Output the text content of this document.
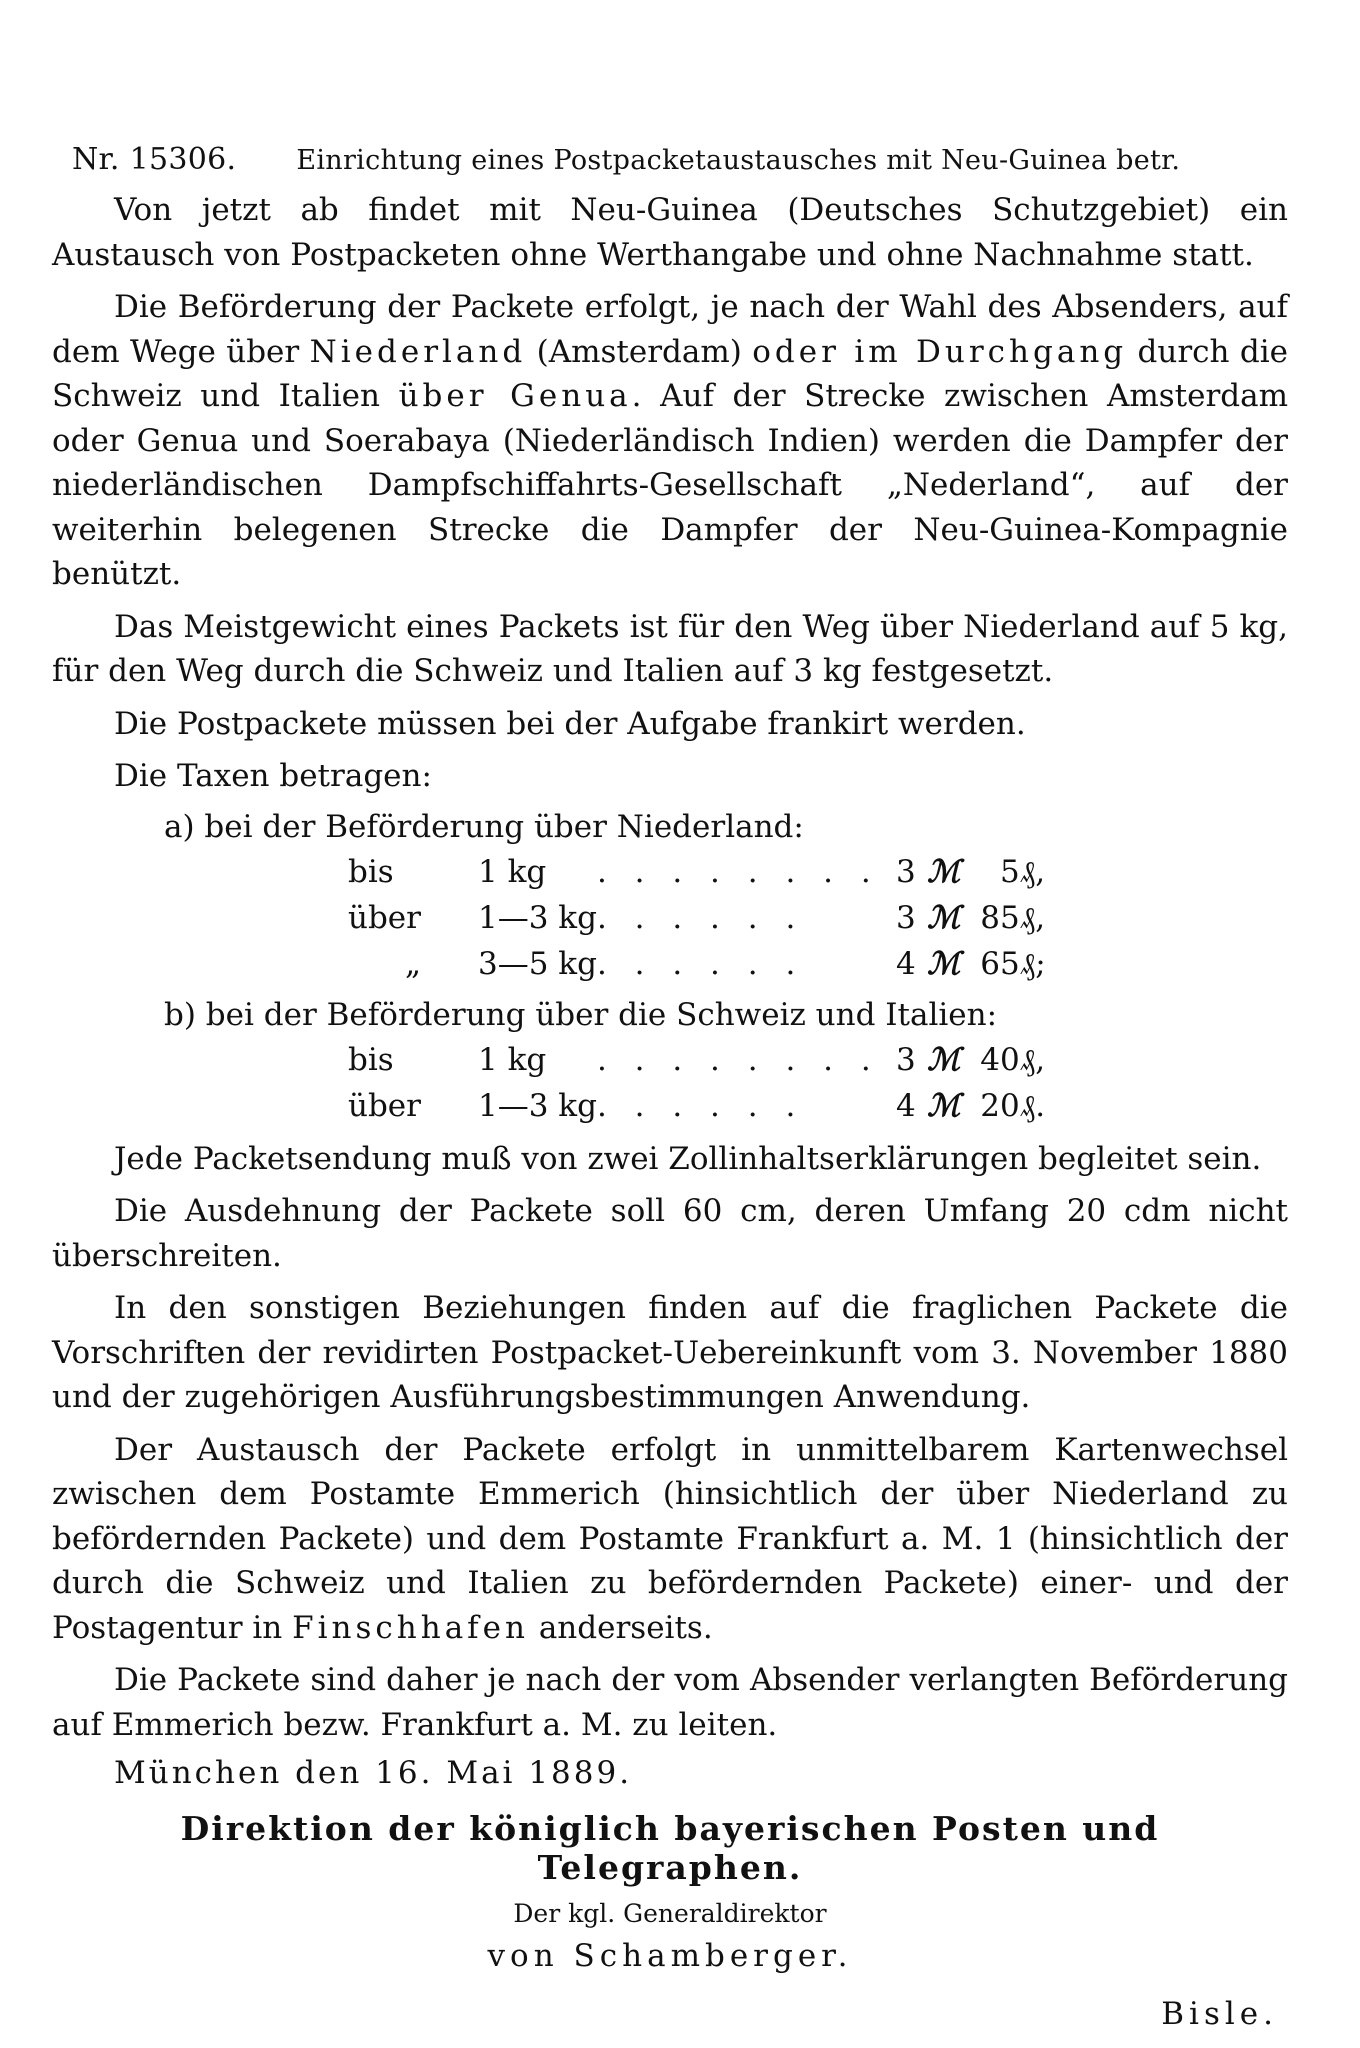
Nr. 15306. Einrichtung eines Postpacketaustausches mit Neu-Guinea betr.

Von jetzt ab findet mit Neu-Guinea (Deutsches Schutzgebiet) ein Austausch von Postpacketen ohne Werthangabe und ohne Nachnahme statt.

Die Beförderung der Packete erfolgt, je nach der Wahl des Absenders, auf dem Wege über Niederland (Amsterdam) oder im Durchgang durch die Schweiz und Italien über Genua. Auf der Strecke zwischen Amsterdam oder Genua und Soerabaya (Niederländisch Indien) werden die Dampfer der niederländischen Dampfschiffahrts-Gesellschaft „Nederland“, auf der weiterhin belegenen Strecke die Dampfer der Neu-Guinea-Kompagnie benützt.

Das Meistgewicht eines Packets ist für den Weg über Niederland auf 5 kg, für den Weg durch die Schweiz und Italien auf 3 kg festgesetzt.

Die Postpackete müssen bei der Aufgabe frankirt werden.

Die Taxen betragen:

a) bei der Beförderung über Niederland:
bis	1 kg	. . . . . . . .	3	ℳ	5	₰,
über	1—3 kg	. . . . . .	3	ℳ	85	₰,
„	3—5 kg	. . . . . .	4	ℳ	65	₰;
b) bei der Beförderung über die Schweiz und Italien:
bis	1 kg	. . . . . . . .	3	ℳ	40	₰,
über	1—3 kg	. . . . . .	4	ℳ	20	₰.

Jede Packetsendung muß von zwei Zollinhaltserklärungen begleitet sein.

Die Ausdehnung der Packete soll 60 cm, deren Umfang 20 cdm nicht überschreiten.

In den sonstigen Beziehungen finden auf die fraglichen Packete die Vorschriften der revidirten Postpacket-Uebereinkunft vom 3. November 1880 und der zugehörigen Ausführungsbestimmungen Anwendung.

Der Austausch der Packete erfolgt in unmittelbarem Kartenwechsel zwischen dem Postamte Emmerich (hinsichtlich der über Niederland zu befördernden Packete) und dem Postamte Frankfurt a. M. 1 (hinsichtlich der durch die Schweiz und Italien zu befördernden Packete) einer- und der Postagentur in Finschhafen anderseits.

Die Packete sind daher je nach der vom Absender verlangten Beförderung auf Emmerich bezw. Frankfurt a. M. zu leiten.

München den 16. Mai 1889.
Direktion der königlich bayerischen Posten und Telegraphen.
Der kgl. Generaldirektor
von Schamberger.
Bisle.
